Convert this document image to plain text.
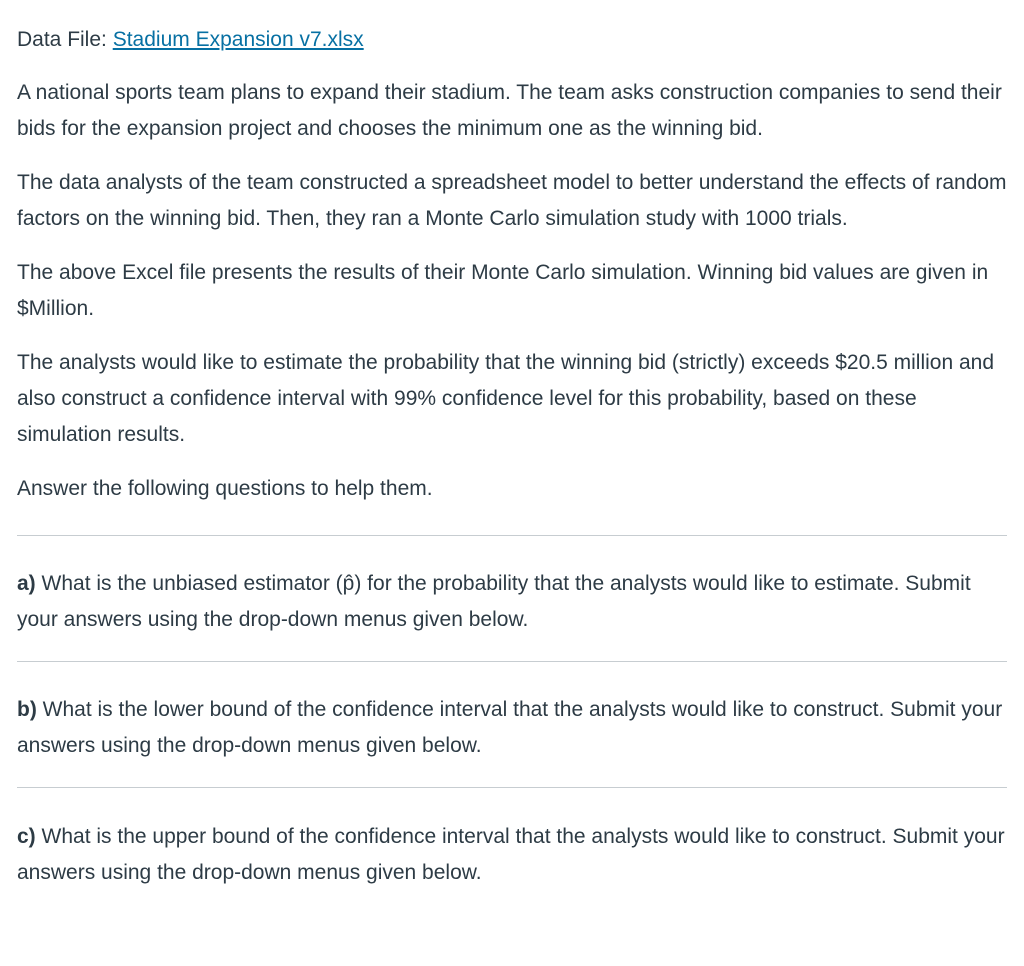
Data File: Stadium Expansion v7.xlsx

A national sports team plans to expand their stadium. The team asks construction companies to send their bids for the expansion project and chooses the minimum one as the winning bid.

The data analysts of the team constructed a spreadsheet model to better understand the effects of random factors on the winning bid. Then, they ran a Monte Carlo simulation study with 1000 trials.

The above Excel file presents the results of their Monte Carlo simulation. Winning bid values are given in $Million.

The analysts would like to estimate the probability that the winning bid (strictly) exceeds $20.5 million and also construct a confidence interval with 99% confidence level for this probability, based on these simulation results.

Answer the following questions to help them.

a) What is the unbiased estimator (p̂) for the probability that the analysts would like to estimate. Submit your answers using the drop-down menus given below.

b) What is the lower bound of the confidence interval that the analysts would like to construct. Submit your answers using the drop-down menus given below.

c) What is the upper bound of the confidence interval that the analysts would like to construct. Submit your answers using the drop-down menus given below.
